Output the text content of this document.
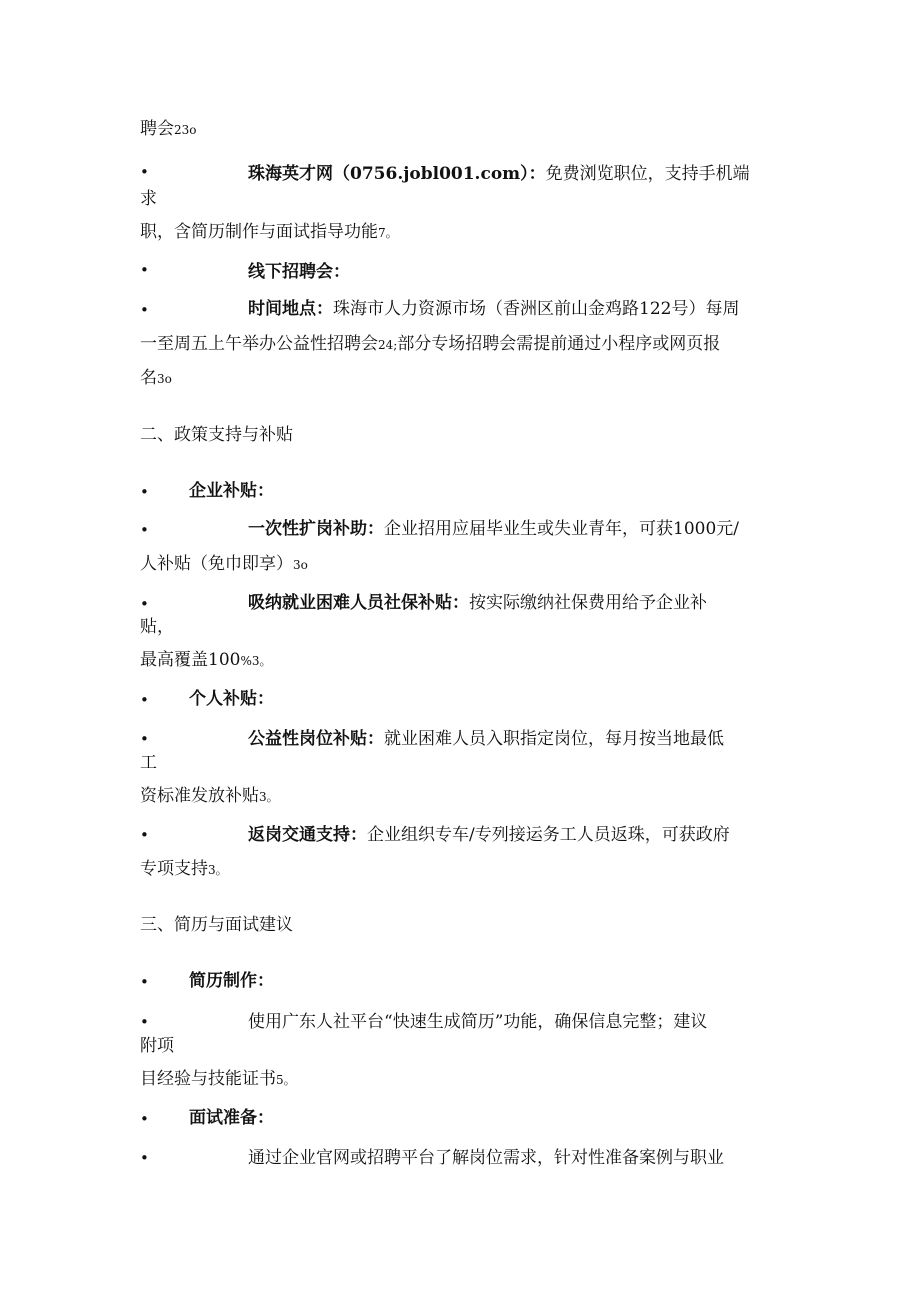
聘会23o
•	珠海英才网（0756.jobl001.com）：免费浏览职位，支持手机端
求
职，含简历制作与面试指导功能7。
•	线下招聘会：
•	时间地点：珠海市人力资源市场（香洲区前山金鸡路122号）每周
一至周五上午举办公益性招聘会24;部分专场招聘会需提前通过小程序或网页报
名3o
二、政策支持与补贴
• 企业补贴：
•	一次性扩岗补助：企业招用应届毕业生或失业青年，可获1000元/
人补贴（免巾即享）3o
•	吸纳就业困难人员社保补贴：按实际缴纳社保费用给予企业补
贴，
最高覆盖100%3。
• 个人补贴：
•	公益性岗位补贴：就业困难人员入职指定岗位，每月按当地最低
工
资标准发放补贴3。
•	返岗交通支持：企业组织专车/专列接运务工人员返珠，可获政府
专项支持3。
三、简历与面试建议
• 简历制作：
•	使用广东人社平台“快速生成简历”功能，确保信息完整；建议
附项
目经验与技能证书5。
• 面试准备：
•	通过企业官网或招聘平台了解岗位需求，针对性准备案例与职业
